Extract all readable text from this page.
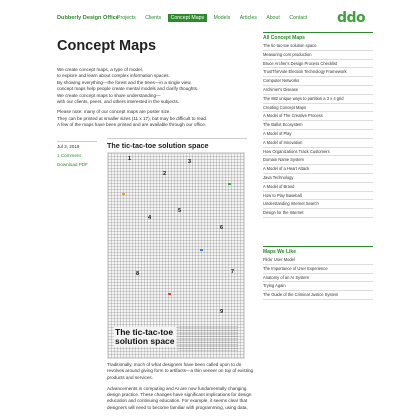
Dubberly Design Office
Projects	Clients	Concept Maps	Models	Articles	About	Contact ddo
Concept Maps

We create concept maps, a type of model,
to explore and learn about complex information spaces.
By showing everything—the forest and the trees—in a single view,
concept maps help people create mental models and clarify thoughts.
We create concept maps to share understanding—
with our clients, peers, and others interested in the subjects.

Please note: many of our concept maps are poster size.
They can be printed at smaller sizes (11 x 17), but may be difficult to read.
A few of the maps have been printed and are available through our office.

Jul 3, 2019
1 Comment
Download PDF
The tic-tac-toe solution space
1
2
3
4
5
6
7
8
9
The tic-tac-toe solution space

Traditionally, much of what designers have been called upon to do
revolves around giving form to artifacts—a thin veneer on top of existing
products and services.

Advancements in computing and AI are now fundamentally changing
design practice. These changes have significant implications for design
education and continuing education. For example, it seems clear that
designers will need to become familiar with programming, using data,

All Concept Maps
The tic-tac-toe solution space
Measuring corn production
Bruce Archer's Design Process Checklist
TrustTheVote Election Technology Framework
Computer Networks
Archimer's Disease
The 882 unique ways to partition a 3 x 4 grid
Creating Concept Maps
A Model of The Creative Process
The Ballot Ecosystem
A Model of Play
A Model of Innovation
How Organizations Track Customers
Domain Name System
A Model of a Heart Attack
Java Technology
A Model of Brand
How to Play Baseball
Understanding Internet Search
Design for the Internet
Maps We Like
Flickr User Model
The Importance of User Experience
Anatomy of an AI System
Trying Again
The Guide of the Criminal Justice System
